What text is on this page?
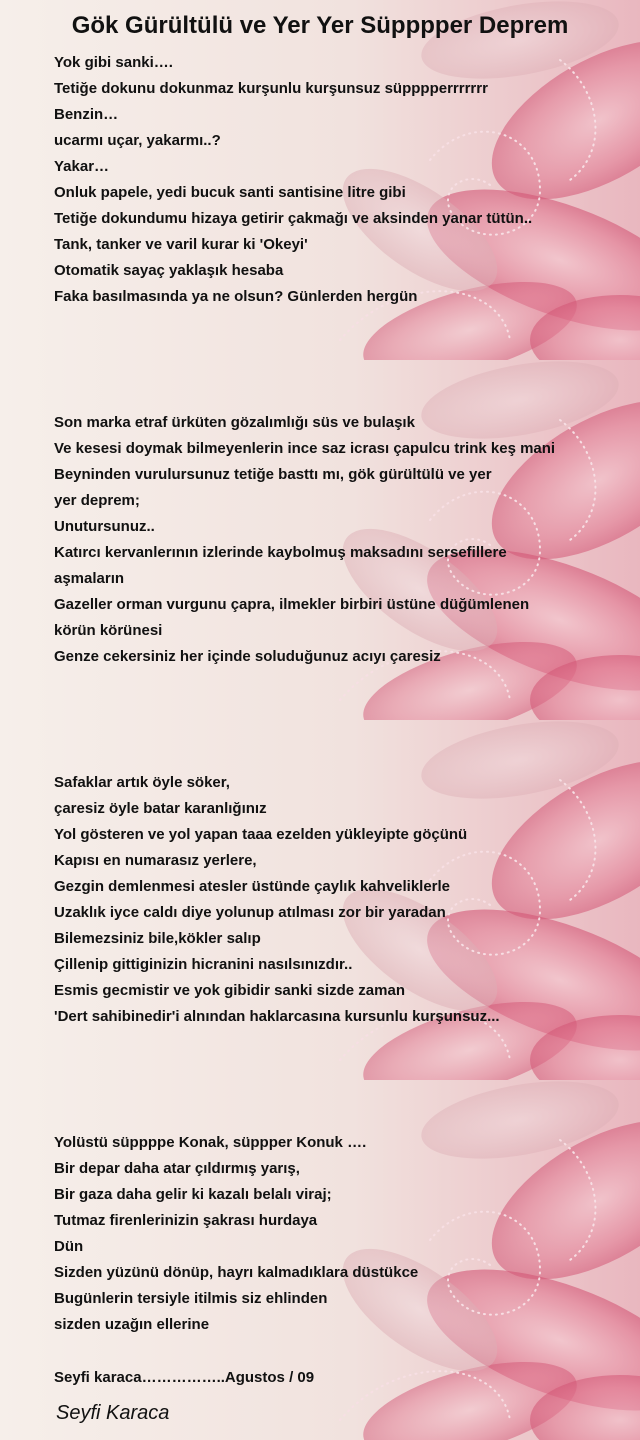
Gök Gürültülü ve Yer Yer Süpppper Deprem
Yok gibi sanki….
Tetiğe dokunu dokunmaz kurşunlu kurşunsuz süppppеrrrrrrr
Benzin…
ucarmı uçar, yakarmı..?
Yakar…
Onluk papele, yedi bucuk santi santisine litre gibi
Tetiğe dokundumu hizaya getirir çakmağı ve aksinden yanar tütün..
Tank, tanker ve varil kurar ki 'Okeyi'
Otomatik sayaç yaklaşık hesaba
Faka basılmasında ya ne olsun? Günlerden hergün
Son marka etraf ürküten gözalımlığı süs ve bulaşık
Ve kesesi doymak bilmeyenlerin ince saz icrası çapulcu trink keş mani
Beyninden vurulursunuz tetiğe basttı mı, gök gürültülü ve yer
yer deprem;
Unutursunuz..
Katırcı kervanlerının izlerinde kaybolmuş maksadını sersefillere
aşmaların
Gazeller orman vurgunu çapra, ilmekler birbiri üstüne düğümlenen
körün körünesi
Genze cekersiniz her içinde soluduğunuz acıyı çaresiz
Safaklar artık öyle söker,
çaresiz öyle batar karanlığınız
Yol gösteren ve yol yapan taaa ezelden yükleyipte göçünü
Kapısı en numarasız yerlere,
Gezgin demlenmesi atesler üstünde çaylık kahveliklerle
Uzaklık iyce caldı diye yolunup atılması zor bir yaradan
Bilemezsiniz bile,kökler salıp
Çillenip gittiginizin hicranini nasılsınızdır..
Esmis gecmistir ve yok gibidir sanki sizde zaman
'Dert sahibinedir'i alnından haklarcasına kursunlu kurşunsuz...
Yolüstü süppppe Konak, süppper Konuk ….
Bir depar daha atar çıldırmış yarış,
Bir gaza daha gelir ki kazalı belalı viraj;
Tutmaz firenlerinizin şakrası hurdaya
Dün
Sizden yüzünü dönüp, hayrı kalmadıklara düstükce
Bugünlerin tersiyle itilmis siz ehlinden
sizden uzağın ellerine
Seyfi karaca……………..Agustos / 09
Seyfi Karaca
